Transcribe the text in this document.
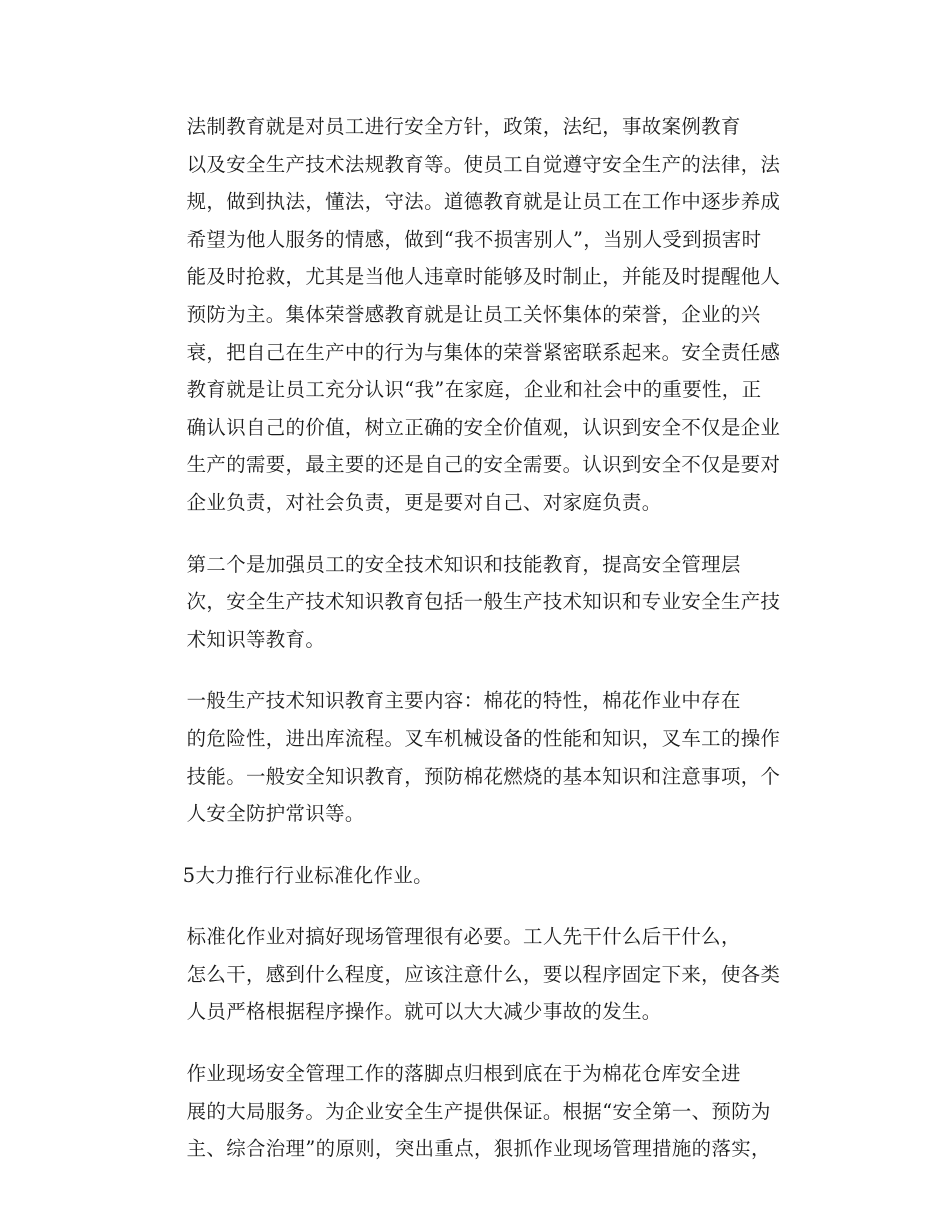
法制教育就是对员工进行安全方针，政策，法纪，事故案例教育
以及安全生产技术法规教育等。使员工自觉遵守安全生产的法律，法
规，做到执法，懂法，守法。道德教育就是让员工在工作中逐步养成
希望为他人服务的情感，做到“我不损害别人”，当别人受到损害时
能及时抢救，尤其是当他人违章时能够及时制止，并能及时提醒他人
预防为主。集体荣誉感教育就是让员工关怀集体的荣誉，企业的兴
衰，把自己在生产中的行为与集体的荣誉紧密联系起来。安全责任感
教育就是让员工充分认识“我”在家庭，企业和社会中的重要性，正
确认识自己的价值，树立正确的安全价值观，认识到安全不仅是企业
生产的需要，最主要的还是自己的安全需要。认识到安全不仅是要对
企业负责，对社会负责，更是要对自己、对家庭负责。

第二个是加强员工的安全技术知识和技能教育，提高安全管理层
次，安全生产技术知识教育包括一般生产技术知识和专业安全生产技
术知识等教育。

一般生产技术知识教育主要内容：棉花的特性，棉花作业中存在
的危险性，进出库流程。叉车机械设备的性能和知识，叉车工的操作
技能。一般安全知识教育，预防棉花燃烧的基本知识和注意事项，个
人安全防护常识等。

5大力推行行业标准化作业。

标准化作业对搞好现场管理很有必要。工人先干什么后干什么，
怎么干，感到什么程度，应该注意什么，要以程序固定下来，使各类
人员严格根据程序操作。就可以大大减少事故的发生。

作业现场安全管理工作的落脚点归根到底在于为棉花仓库安全进
展的大局服务。为企业安全生产提供保证。根据“安全第一、预防为
主、综合治理”的原则，突出重点，狠抓作业现场管理措施的落实，
